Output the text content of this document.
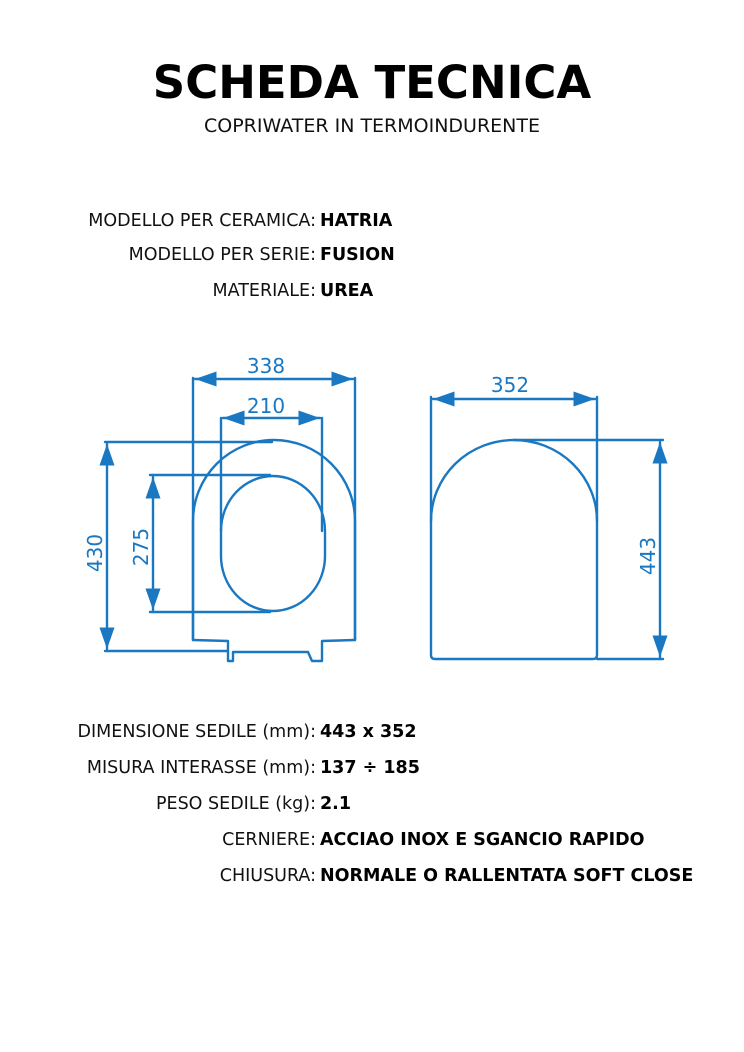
SCHEDA TECNICA
COPRIWATER IN TERMOINDURENTE
MODELLO PER CERAMICA: HATRIA
MODELLO PER SERIE: FUSION
MATERIALE: UREA
338
210
430 275
352
443
DIMENSIONE SEDILE (mm): 443 x 352
MISURA INTERASSE (mm): 137 ÷ 185
PESO SEDILE (kg): 2.1
CERNIERE: ACCIAO INOX E SGANCIO RAPIDO
CHIUSURA: NORMALE O RALLENTATA SOFT CLOSE
